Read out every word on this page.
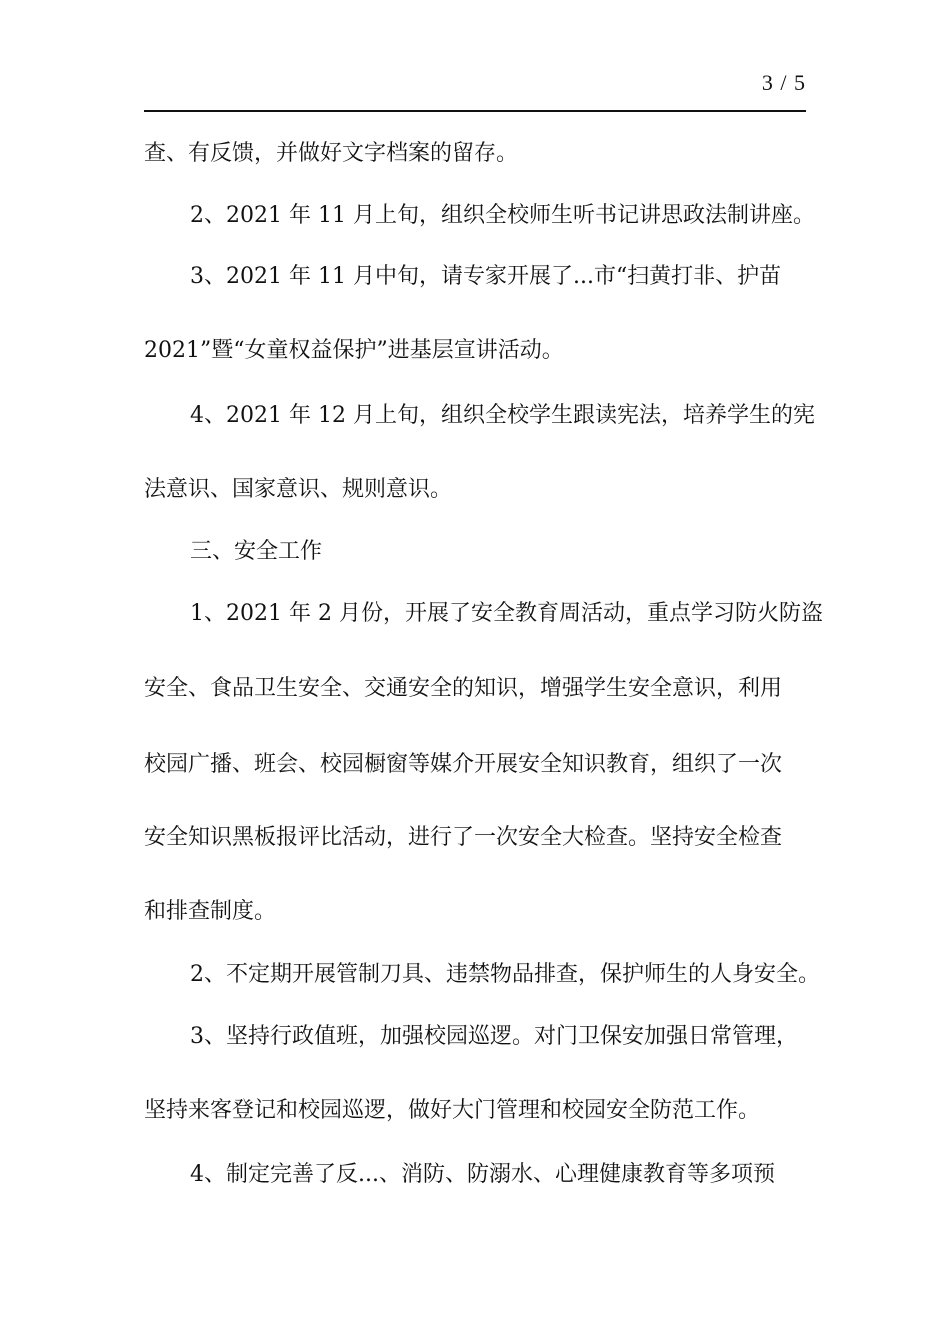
3 / 5
查、有反馈，并做好文字档案的留存。
2、2021 年 11 月上旬，组织全校师生听书记讲思政法制讲座。
3、2021 年 11 月中旬，请专家开展了...市“扫黄打非、护苗
2021”暨“女童权益保护”进基层宣讲活动。
4、2021 年 12 月上旬，组织全校学生跟读宪法，培养学生的宪
法意识、国家意识、规则意识。
三、安全工作
1、2021 年 2 月份，开展了安全教育周活动，重点学习防火防盗
安全、食品卫生安全、交通安全的知识，增强学生安全意识，利用
校园广播、班会、校园橱窗等媒介开展安全知识教育，组织了一次
安全知识黑板报评比活动，进行了一次安全大检查。坚持安全检查
和排查制度。
2、不定期开展管制刀具、违禁物品排查，保护师生的人身安全。
3、坚持行政值班，加强校园巡逻。对门卫保安加强日常管理，
坚持来客登记和校园巡逻，做好大门管理和校园安全防范工作。
4、制定完善了反...、消防、防溺水、心理健康教育等多项预
